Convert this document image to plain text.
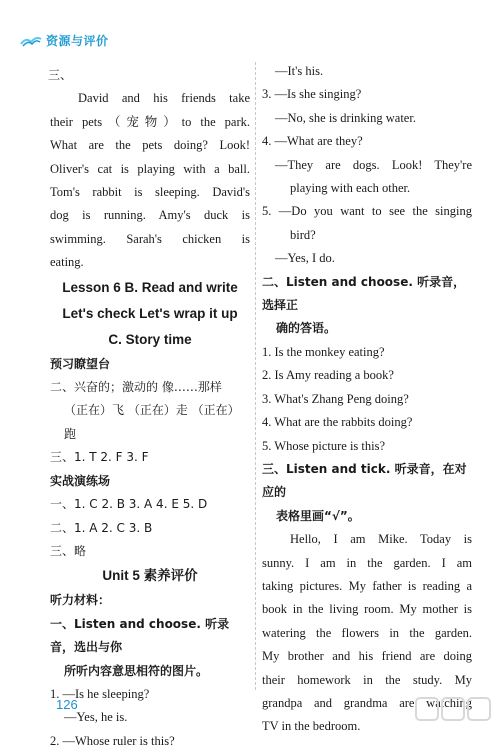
资源与评价

三、

David and his friends take

their pets（宠物）to the park.

What are the pets doing? Look!

Oliver's cat is playing with a ball.

Tom's rabbit is sleeping. David's

dog is running. Amy's duck is

swimming. Sarah's chicken is

eating.

Lesson 6 B. Read and write

Let's check Let's wrap it up

C. Story time

预习瞭望台

二、兴奋的；激动的 像……那样

（正在）飞 （正在）走 （正在）跑

三、1. T 2. F 3. F

实战演练场

一、1. C 2. B 3. A 4. E 5. D

二、1. A 2. C 3. B

三、略

Unit 5 素养评价

听力材料：

一、Listen and choose. 听录音，选出与你

所听内容意思相符的图片。

1. —Is he sleeping?

—Yes, he is.

2. —Whose ruler is this?

—It's his.

3. —Is she singing?

—No, she is drinking water.

4. —What are they?

—They are dogs. Look! They're

playing with each other.

5. —Do you want to see the singing

bird?

—Yes, I do.

二、Listen and choose. 听录音，选择正

确的答语。

1. Is the monkey eating?

2. Is Amy reading a book?

3. What's Zhang Peng doing?

4. What are the rabbits doing?

5. Whose picture is this?

三、Listen and tick. 听录音，在对应的

表格里画“√”。

Hello, I am Mike. Today is

sunny. I am in the garden. I am

taking pictures. My father is reading a

book in the living room. My mother is

watering the flowers in the garden.

My brother and his friend are doing

their homework in the study. My

grandpa and grandma are watching

TV in the bedroom.

126
